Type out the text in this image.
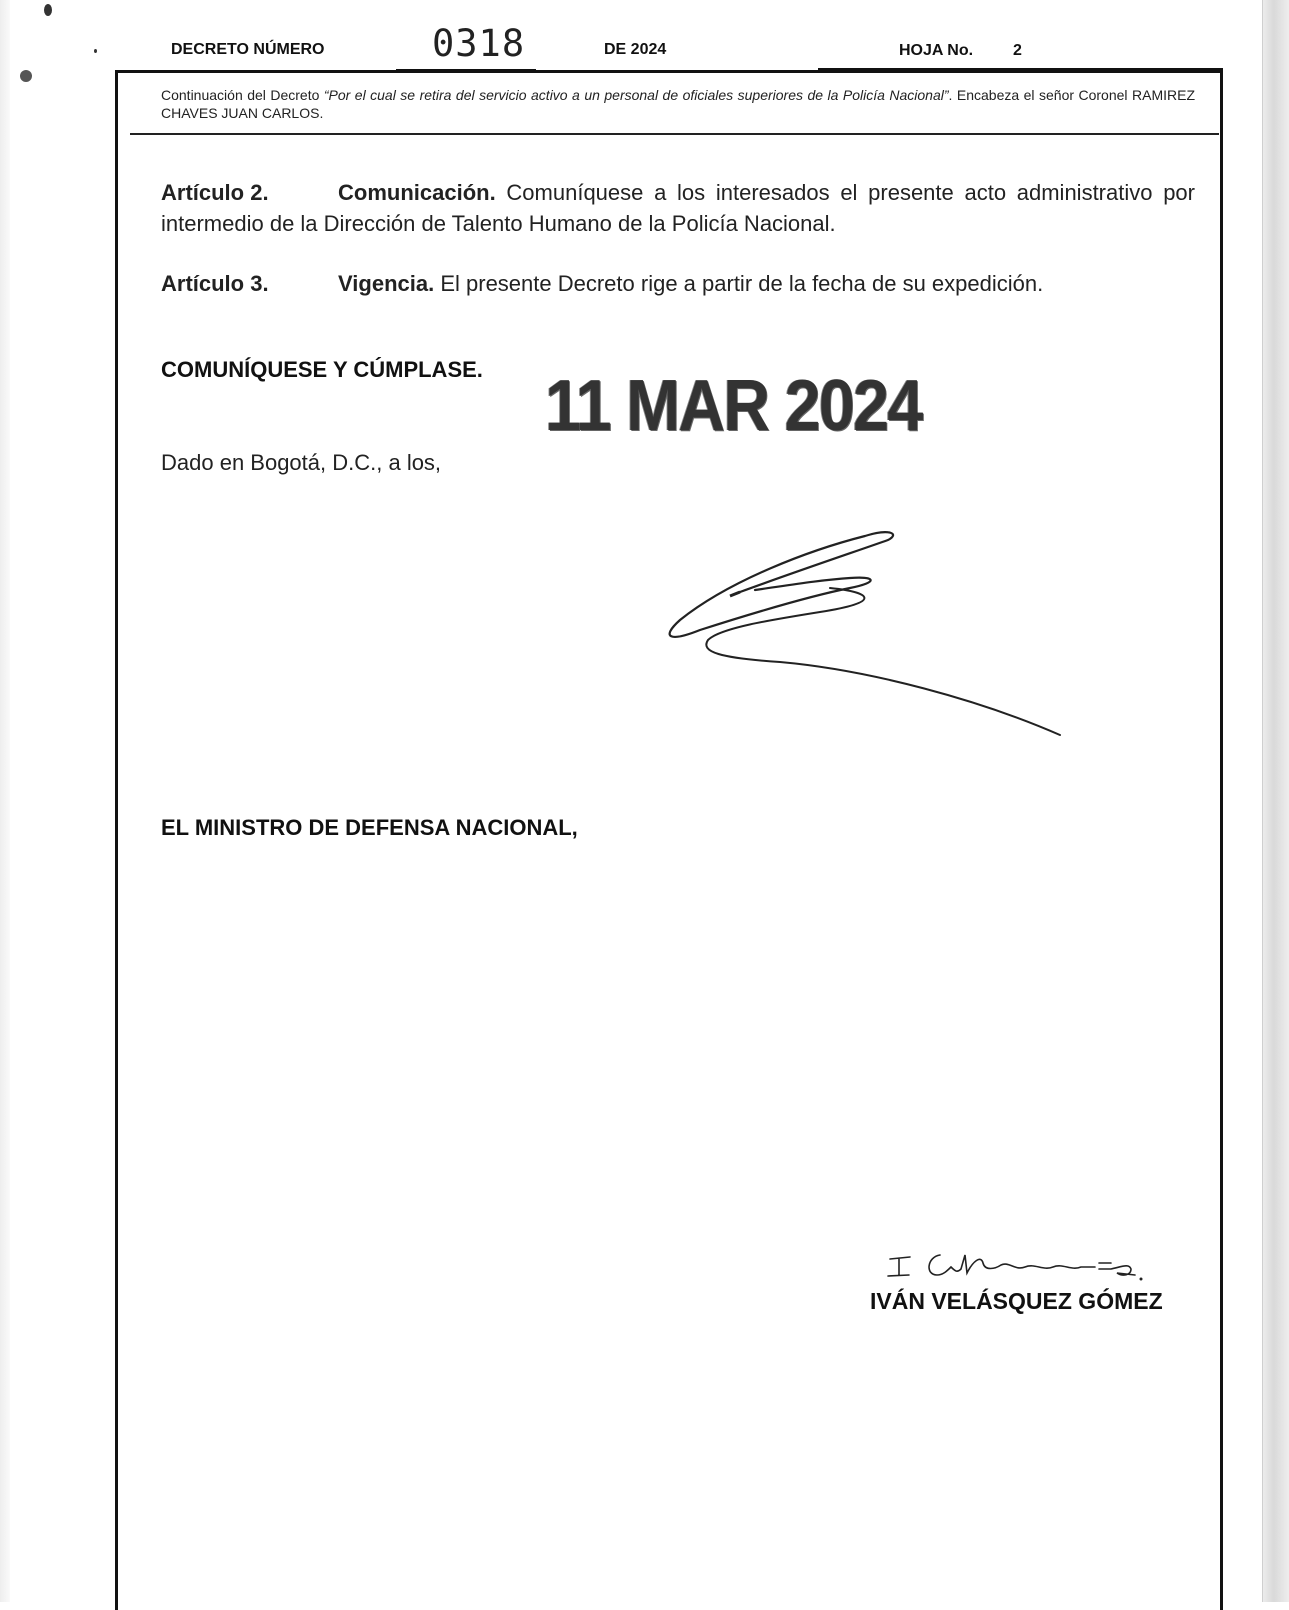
DECRETO NÚMERO	0318	DE 2024	HOJA No. 2
Continuación del Decreto “Por el cual se retira del servicio activo a un personal de oficiales superiores de la Policía Nacional”. Encabeza el señor Coronel RAMIREZ CHAVES JUAN CARLOS.
Artículo 2.	Comunicación. Comuníquese a los interesados el presente acto administrativo por intermedio de la Dirección de Talento Humano de la Policía Nacional.
Artículo 3.	Vigencia. El presente Decreto rige a partir de la fecha de su expedición.
COMUNÍQUESE Y CÚMPLASE. 11 MAR 2024
Dado en Bogotá, D.C., a los,
EL MINISTRO DE DEFENSA NACIONAL,
IVÁN VELÁSQUEZ GÓMEZ
